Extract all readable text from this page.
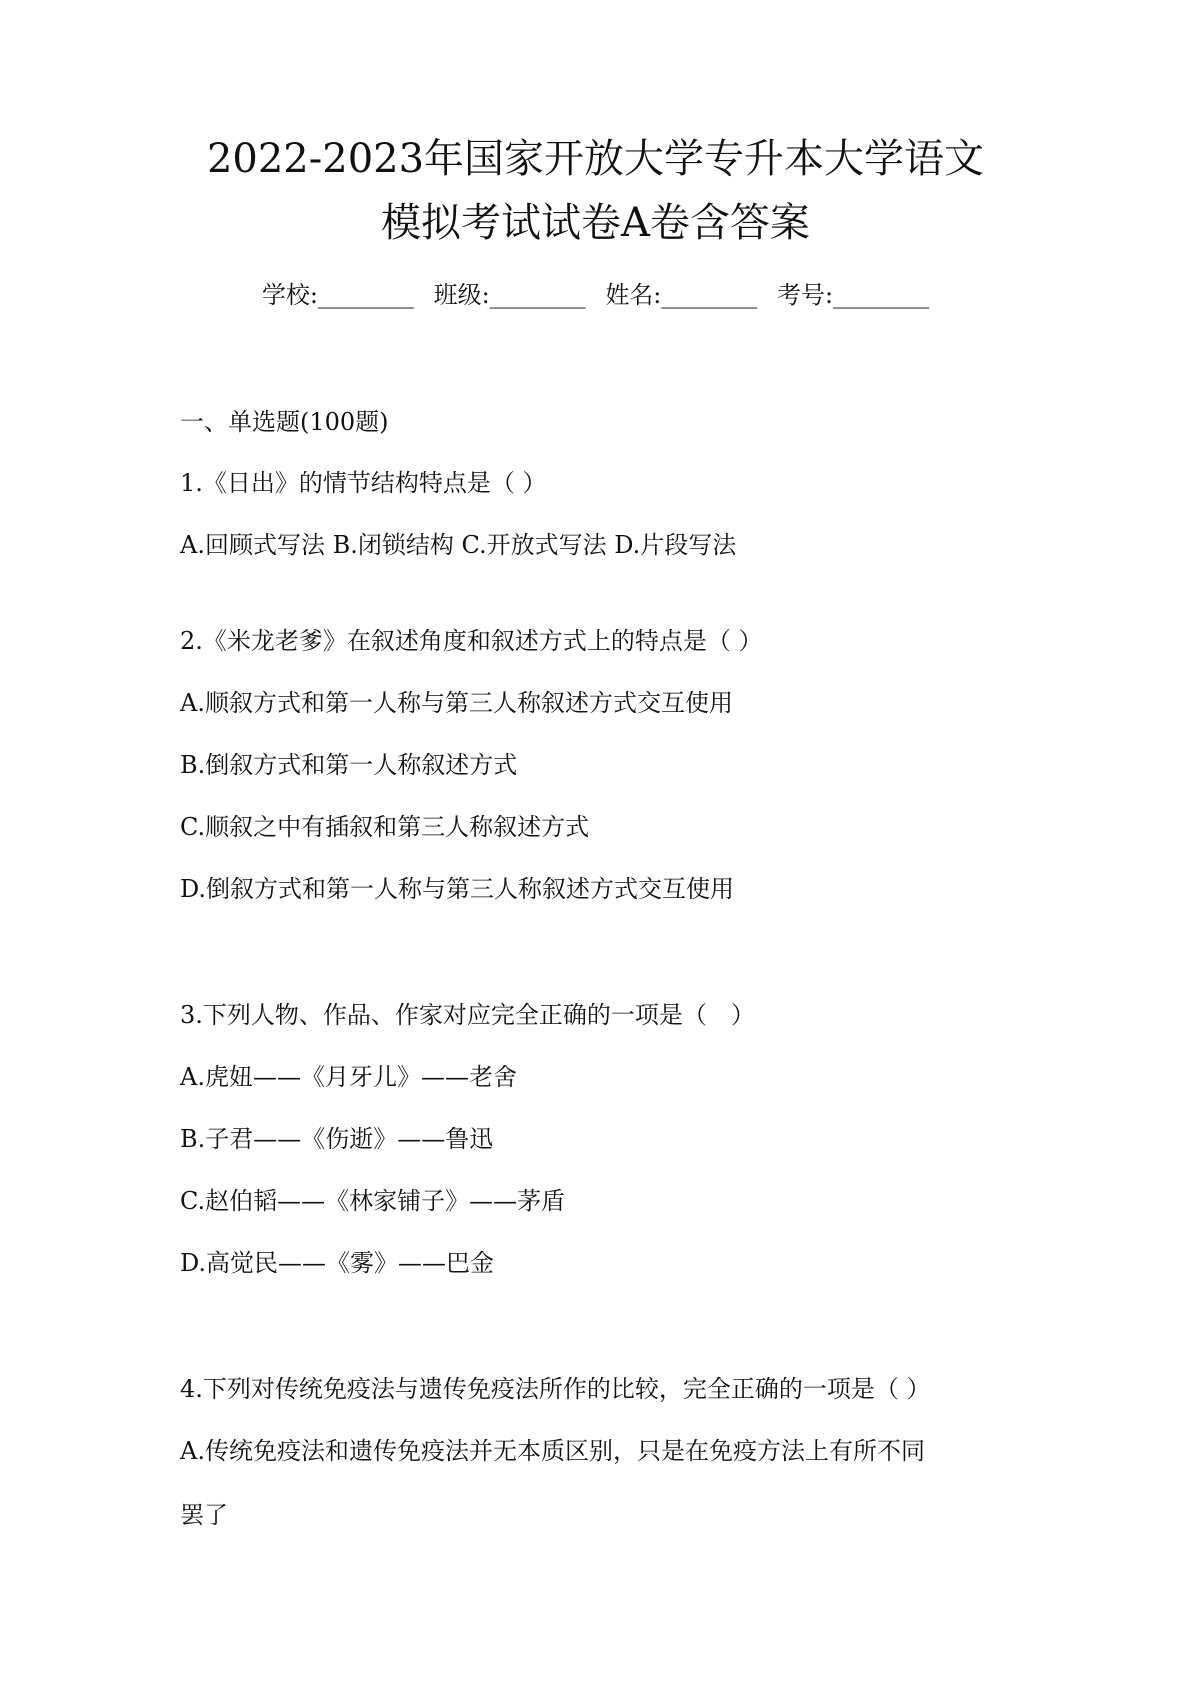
2022-2023年国家开放大学专升本大学语文
模拟考试试卷A卷含答案
学校:________ 班级:________ 姓名:________ 考号:________
一、单选题(100题)
1.《日出》的情节结构特点是（ ）
A.回顾式写法 B.闭锁结构 C.开放式写法 D.片段写法
2.《米龙老爹》在叙述角度和叙述方式上的特点是（ ）
A.顺叙方式和第一人称与第三人称叙述方式交互使用
B.倒叙方式和第一人称叙述方式
C.顺叙之中有插叙和第三人称叙述方式
D.倒叙方式和第一人称与第三人称叙述方式交互使用
3.下列人物、作品、作家对应完全正确的一项是（　）
A.虎妞——《月牙儿》——老舍
B.子君——《伤逝》——鲁迅
C.赵伯韬——《林家铺子》——茅盾
D.高觉民——《雾》——巴金
4.下列对传统免疫法与遗传免疫法所作的比较，完全正确的一项是（ ）
A.传统免疫法和遗传免疫法并无本质区别，只是在免疫方法上有所不同
罢了
